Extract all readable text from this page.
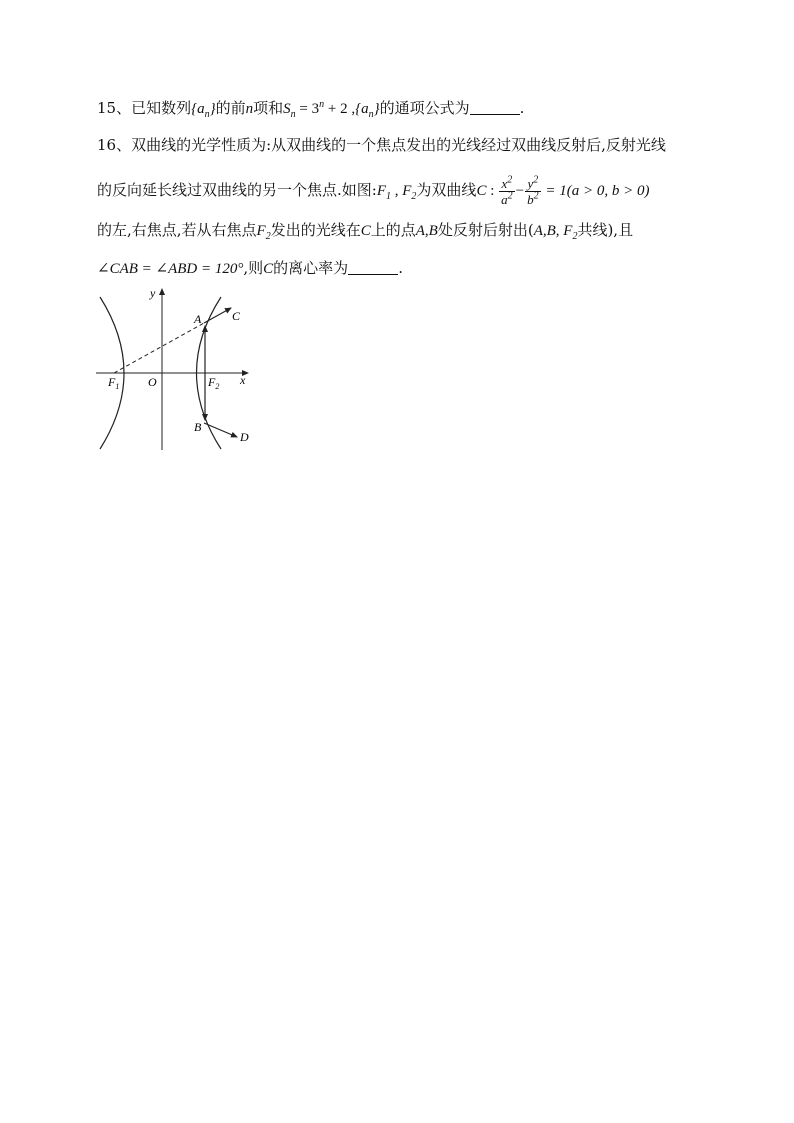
15、已知数列$\{a_n\}$的前n项和$S_n = 3^n + 2$ $,\{a_n\}$的通项公式为	.
16、双曲线的光学性质为:从双曲线的一个焦点发出的光线经过双曲线反射后,反射光线
的反向延长线过双曲线的另一个焦点.如图$:F_1$ , $F_2$为双曲线C : $\frac{x^2}{a^2} - \frac{y^2}{b^2} = 1(a > 0$, b > 0)
的左,右焦点,若从右焦点$F_2$发出的光线在C上的点A,B处反射后射出(A,B, $F_2$共线),且
∠CAB = ∠ABD = 120°,则C的离心率为	.
y
x
A	C
B
D
O
$F_1$	$F_2$
